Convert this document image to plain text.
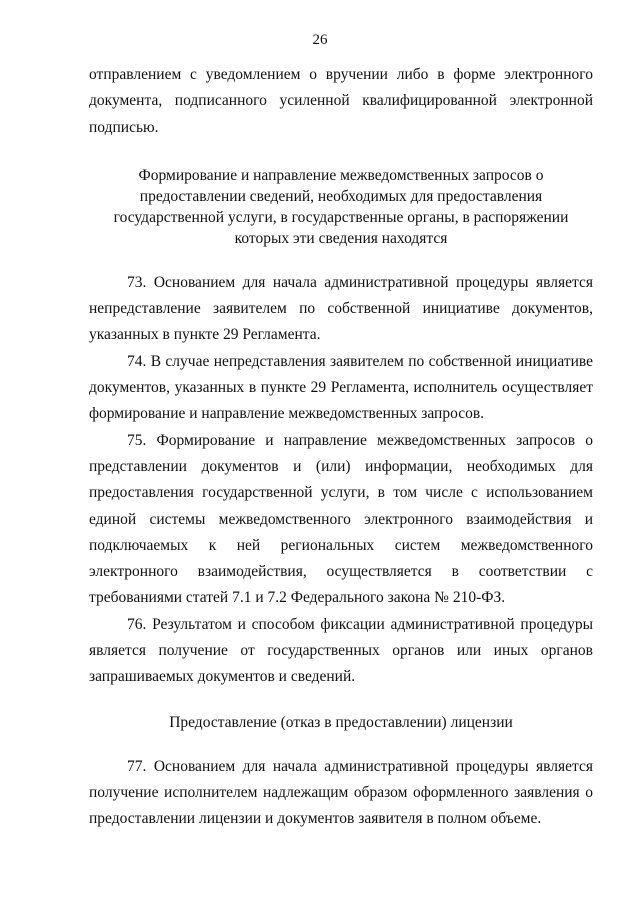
26

отправлением с уведомлением о вручении либо в форме электронного документа, подписанного усиленной квалифицированной электронной подписью.

Формирование и направление межведомственных запросов о предоставлении сведений, необходимых для предоставления государственной услуги, в государственные органы, в распоряжении которых эти сведения находятся

73. Основанием для начала административной процедуры является непредставление заявителем по собственной инициативе документов, указанных в пункте 29 Регламента.

74. В случае непредставления заявителем по собственной инициативе документов, указанных в пункте 29 Регламента, исполнитель осуществляет формирование и направление межведомственных запросов.

75. Формирование и направление межведомственных запросов о представлении документов и (или) информации, необходимых для предоставления государственной услуги, в том числе с использованием единой системы межведомственного электронного взаимодействия и подключаемых к ней региональных систем межведомственного электронного взаимодействия, осуществляется в соответствии с требованиями статей 7.1 и 7.2 Федерального закона № 210-ФЗ.

76. Результатом и способом фиксации административной процедуры является получение от государственных органов или иных органов запрашиваемых документов и сведений.

Предоставление (отказ в предоставлении) лицензии

77. Основанием для начала административной процедуры является получение исполнителем надлежащим образом оформленного заявления о предоставлении лицензии и документов заявителя в полном объеме.
